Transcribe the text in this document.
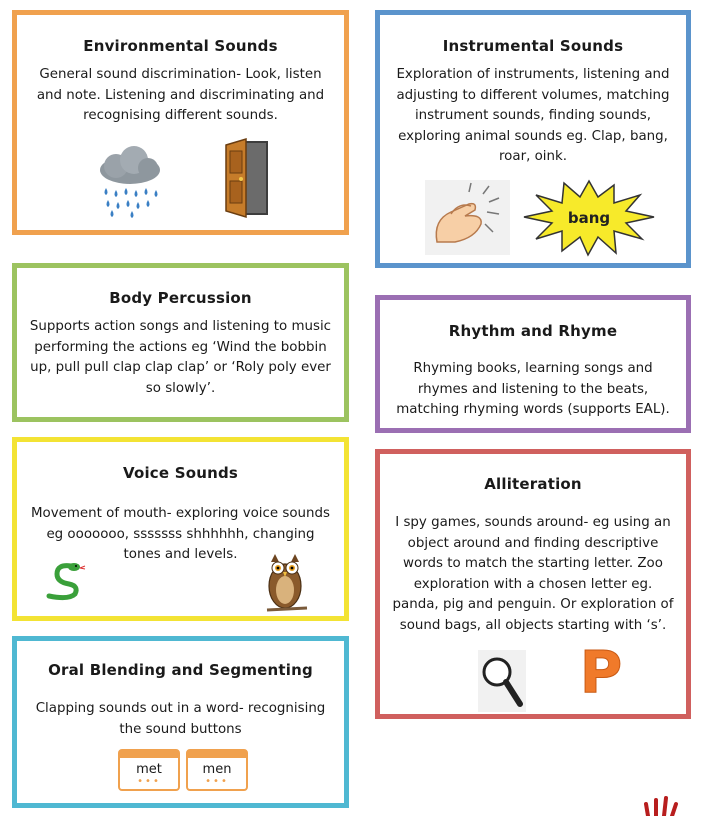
Environmental Sounds

General sound discrimination- Look, listen
and note. Listening and discriminating and
recognising different sounds.

Instrumental Sounds

Exploration of instruments, listening and
adjusting to different volumes, matching
instrument sounds, finding sounds,
exploring animal sounds eg. Clap, bang,
roar, oink.

bang
Body Percussion

Supports action songs and listening to music
performing the actions eg ‘Wind the bobbin
up, pull pull clap clap clap’ or ‘Roly poly ever
so slowly’.

Rhythm and Rhyme

Rhyming books, learning songs and
rhymes and listening to the beats,
matching rhyming words (supports EAL).

Voice Sounds

Movement of mouth- exploring voice sounds
eg ooooooo, sssssss shhhhhh, changing
tones and levels.

Alliteration

I spy games, sounds around- eg using an
object around and finding descriptive
words to match the starting letter. Zoo
exploration with a chosen letter eg.
panda, pig and penguin. Or exploration of
sound bags, all objects starting with ‘s’.

P
Oral Blending and Segmenting

Clapping sounds out in a word- recognising
the sound buttons

met
•••
men
•••
